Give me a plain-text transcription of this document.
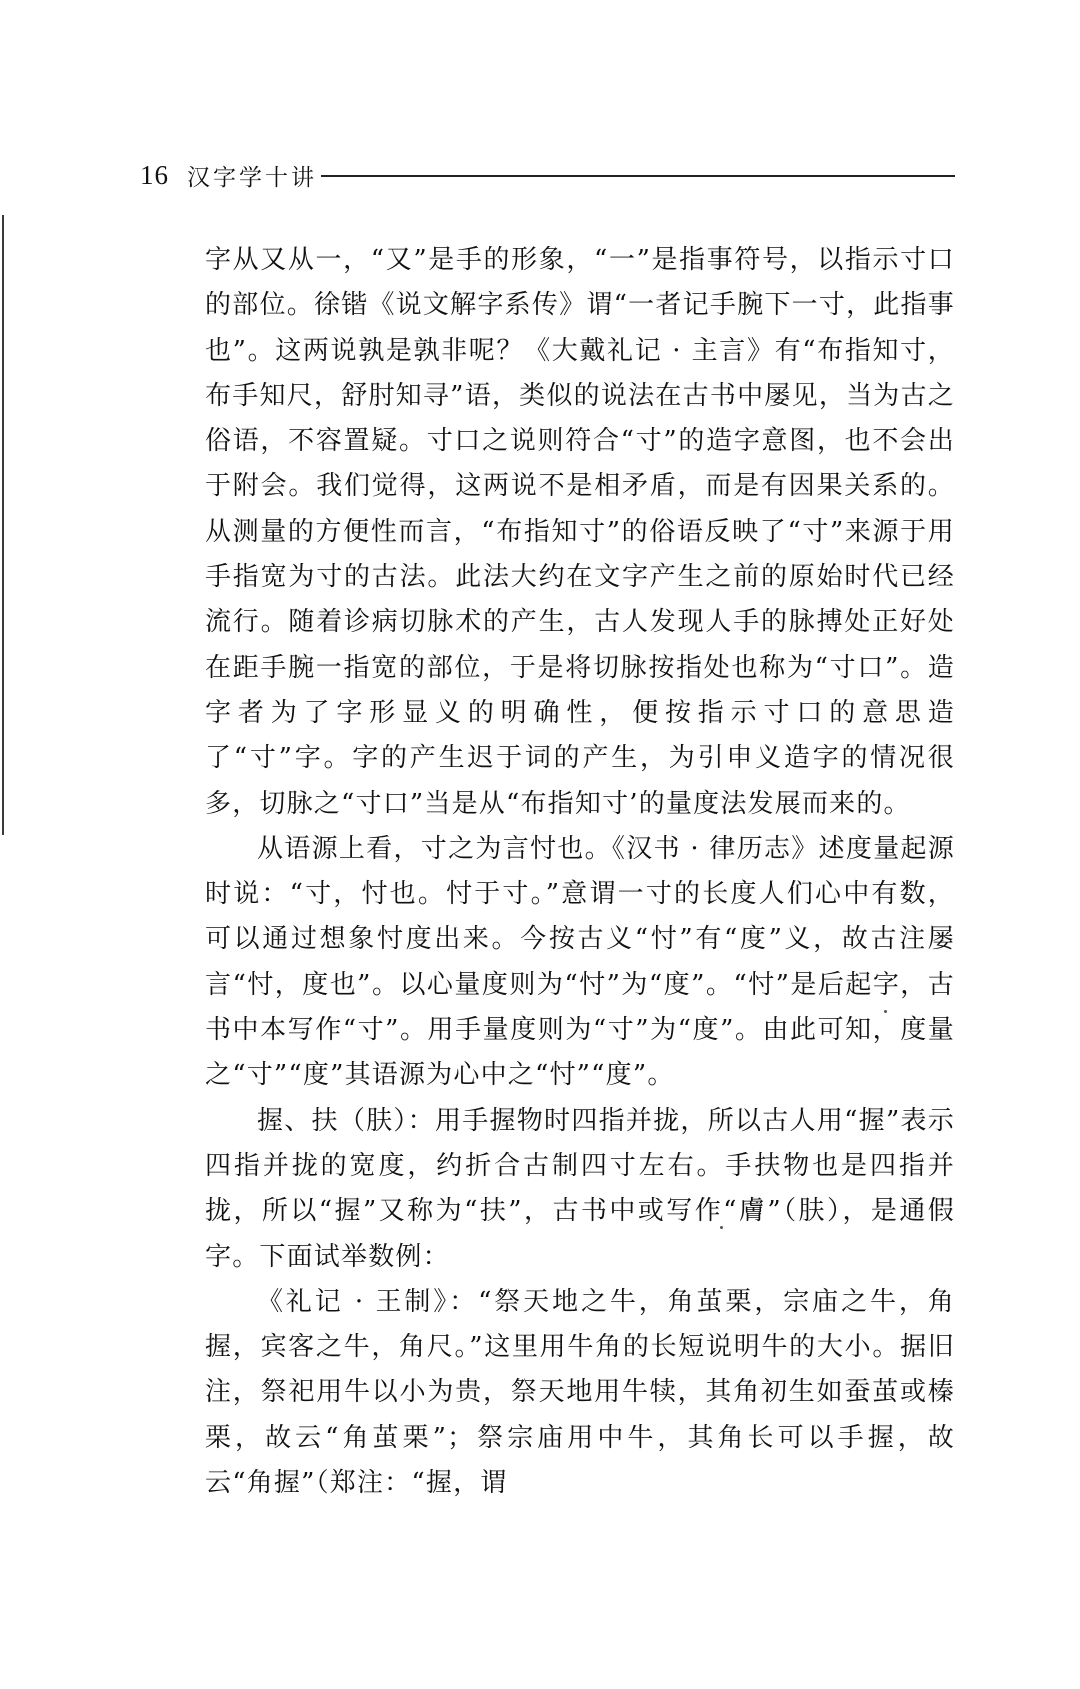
16 汉字学十讲

字从又从一，“又”是手的形象，“一”是指事符号，以指示寸口的部位。徐锴《说文解字系传》谓“一者记手腕下一寸，此指事也”。这两说孰是孰非呢？《大戴礼记 · 主言》有“布指知寸，布手知尺，舒肘知寻”语，类似的说法在古书中屡见，当为古之俗语，不容置疑。寸口之说则符合“寸”的造字意图，也不会出于附会。我们觉得，这两说不是相矛盾，而是有因果关系的。从测量的方便性而言，“布指知寸”的俗语反映了“寸”来源于用手指宽为寸的古法。此法大约在文字产生之前的原始时代已经流行。随着诊病切脉术的产生，古人发现人手的脉搏处正好处在距手腕一指宽的部位，于是将切脉按指处也称为“寸口”。造字者为了字形显义的明确性，便按指示寸口的意思造了“寸”字。字的产生迟于词的产生，为引申义造字的情况很多，切脉之“寸口”当是从“布指知寸’的量度法发展而来的。

从语源上看，寸之为言忖也。《汉书 · 律历志》述度量起源时说：“寸，忖也。忖于寸。”意谓一寸的长度人们心中有数，可以通过想象忖度出来。今按古义“忖”有“度”义，故古注屡言“忖，度也”。以心量度则为“忖”为“度”。“忖”是后起字，古书中本写作“寸”。用手量度则为“寸”为“度”。由此可知，度量之“寸”“度”其语源为心中之“忖”“度”。

握、扶（肤）：用手握物时四指并拢，所以古人用“握”表示四指并拢的宽度，约折合古制四寸左右。手扶物也是四指并拢，所以“握”又称为“扶”，古书中或写作“膚”（肤），是通假字。下面试举数例：

《礼记 · 王制》：“祭天地之牛，角茧栗，宗庙之牛，角握，宾客之牛，角尺。”这里用牛角的长短说明牛的大小。据旧注，祭祀用牛以小为贵，祭天地用牛犊，其角初生如蚕茧或榛栗，故云“角茧栗”；祭宗庙用中牛，其角长可以手握，故云“角握”（郑注：“握，谓
